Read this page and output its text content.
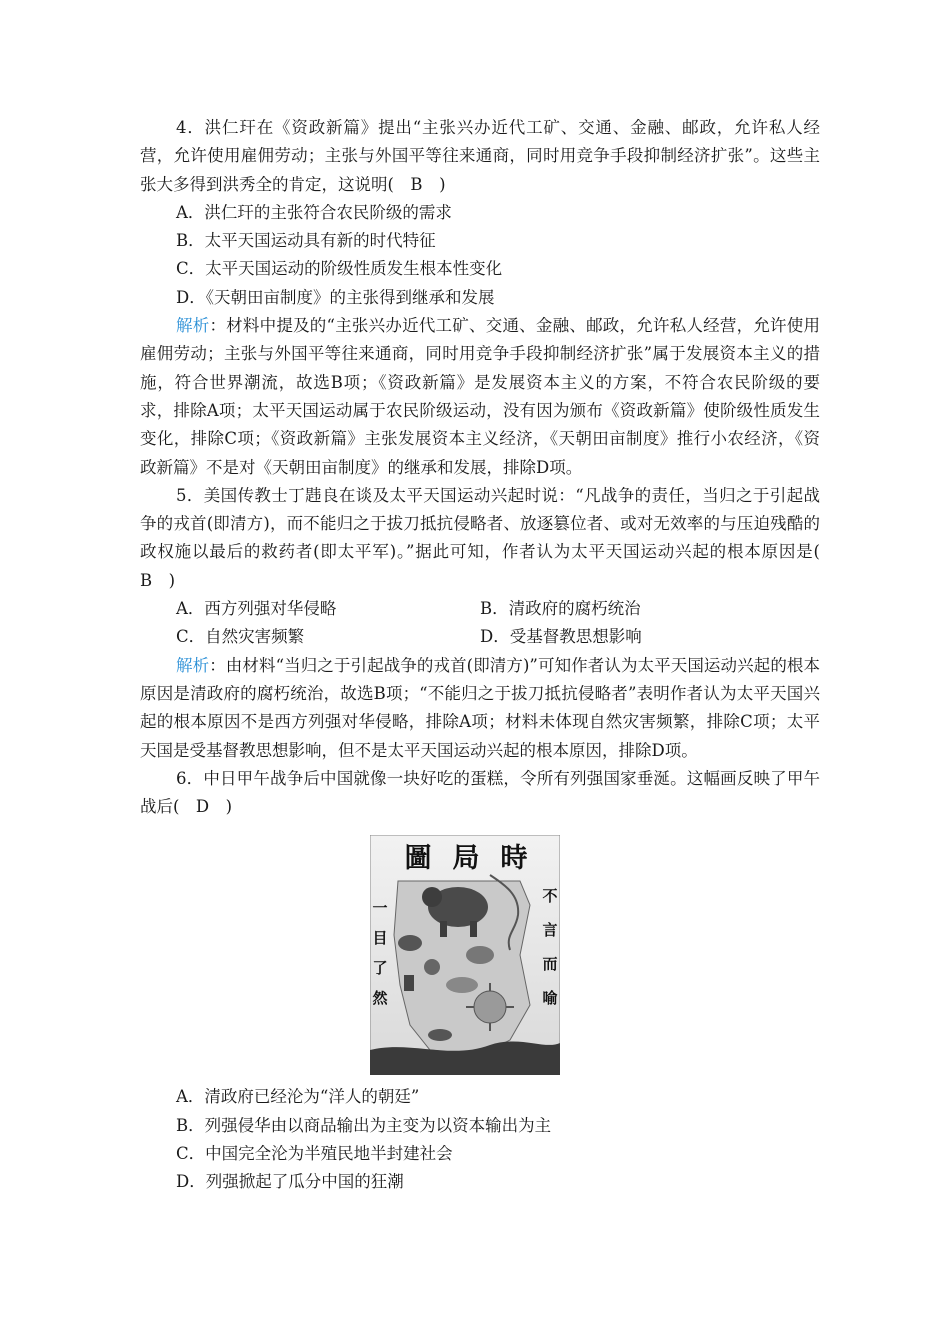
4．洪仁玕在《资政新篇》提出“主张兴办近代工矿、交通、金融、邮政，允许私人经营，允许使用雇佣劳动；主张与外国平等往来通商，同时用竞争手段抑制经济扩张”。这些主张大多得到洪秀全的肯定，这说明(　B　)

A．洪仁玕的主张符合农民阶级的需求
B．太平天国运动具有新的时代特征
C．太平天国运动的阶级性质发生根本性变化
D．《天朝田亩制度》的主张得到继承和发展

解析：材料中提及的“主张兴办近代工矿、交通、金融、邮政，允许私人经营，允许使用雇佣劳动；主张与外国平等往来通商，同时用竞争手段抑制经济扩张”属于发展资本主义的措施，符合世界潮流，故选B项；《资政新篇》是发展资本主义的方案，不符合农民阶级的要求，排除A项；太平天国运动属于农民阶级运动，没有因为颁布《资政新篇》使阶级性质发生变化，排除C项；《资政新篇》主张发展资本主义经济，《天朝田亩制度》推行小农经济，《资政新篇》不是对《天朝田亩制度》的继承和发展，排除D项。

5．美国传教士丁韪良在谈及太平天国运动兴起时说：“凡战争的责任，当归之于引起战争的戎首(即清方)，而不能归之于拔刀抵抗侵略者、放逐篡位者、或对无效率的与压迫残酷的政权施以最后的救药者(即太平军)。”据此可知，作者认为太平天国运动兴起的根本原因是(　B　)

A．西方列强对华侵略	B．清政府的腐朽统治
C．自然灾害频繁	D．受基督教思想影响

解析：由材料“当归之于引起战争的戎首(即清方)”可知作者认为太平天国运动兴起的根本原因是清政府的腐朽统治，故选B项；“不能归之于拔刀抵抗侵略者”表明作者认为太平天国兴起的根本原因不是西方列强对华侵略，排除A项；材料未体现自然灾害频繁，排除C项；太平天国是受基督教思想影响，但不是太平天国运动兴起的根本原因，排除D项。

6．中日甲午战争后中国就像一块好吃的蛋糕，令所有列强国家垂涎。这幅画反映了甲午战后(　D　)

圖 局 時
一
目
了
然
不
言
而
喻
A．清政府已经沦为“洋人的朝廷”
B．列强侵华由以商品输出为主变为以资本输出为主
C．中国完全沦为半殖民地半封建社会
D．列强掀起了瓜分中国的狂潮
